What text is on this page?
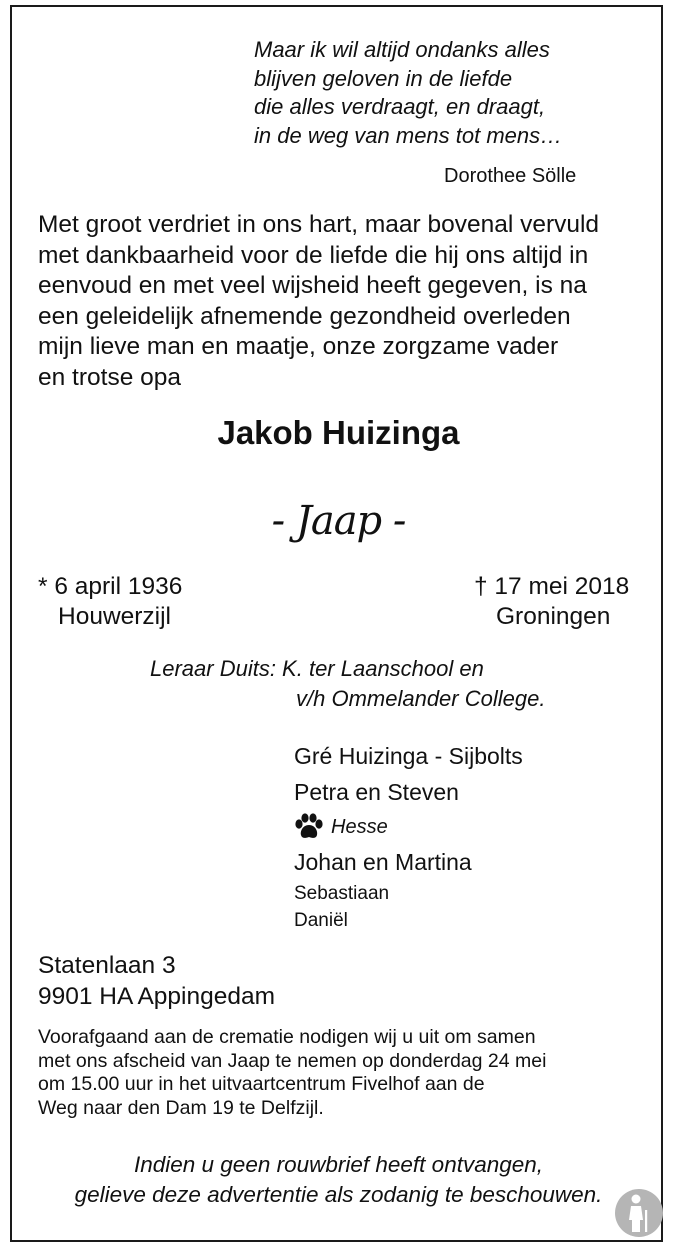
Maar ik wil altijd ondanks alles
blijven geloven in de liefde
die alles verdraagt, en draagt,
in de weg van mens tot mens…
Dorothee Sölle
Met groot verdriet in ons hart, maar bovenal vervuld
met dankbaarheid voor de liefde die hij ons altijd in
eenvoud en met veel wijsheid heeft gegeven, is na
een geleidelijk afnemende gezondheid overleden
mijn lieve man en maatje, onze zorgzame vader
en trotse opa
Jakob Huizinga
- Jaap -
* 6 april 1936
Houwerzijl
† 17 mei 2018
Groningen
Leraar Duits: K. ter Laanschool en
v/h Ommelander College.
Gré Huizinga - Sijbolts
Petra en Steven
Hesse
Johan en Martina
Sebastiaan
Daniël
Statenlaan 3
9901 HA Appingedam
Voorafgaand aan de crematie nodigen wij u uit om samen
met ons afscheid van Jaap te nemen op donderdag 24 mei
om 15.00 uur in het uitvaartcentrum Fivelhof aan de
Weg naar den Dam 19 te Delfzijl.
Indien u geen rouwbrief heeft ontvangen,
gelieve deze advertentie als zodanig te beschouwen.
